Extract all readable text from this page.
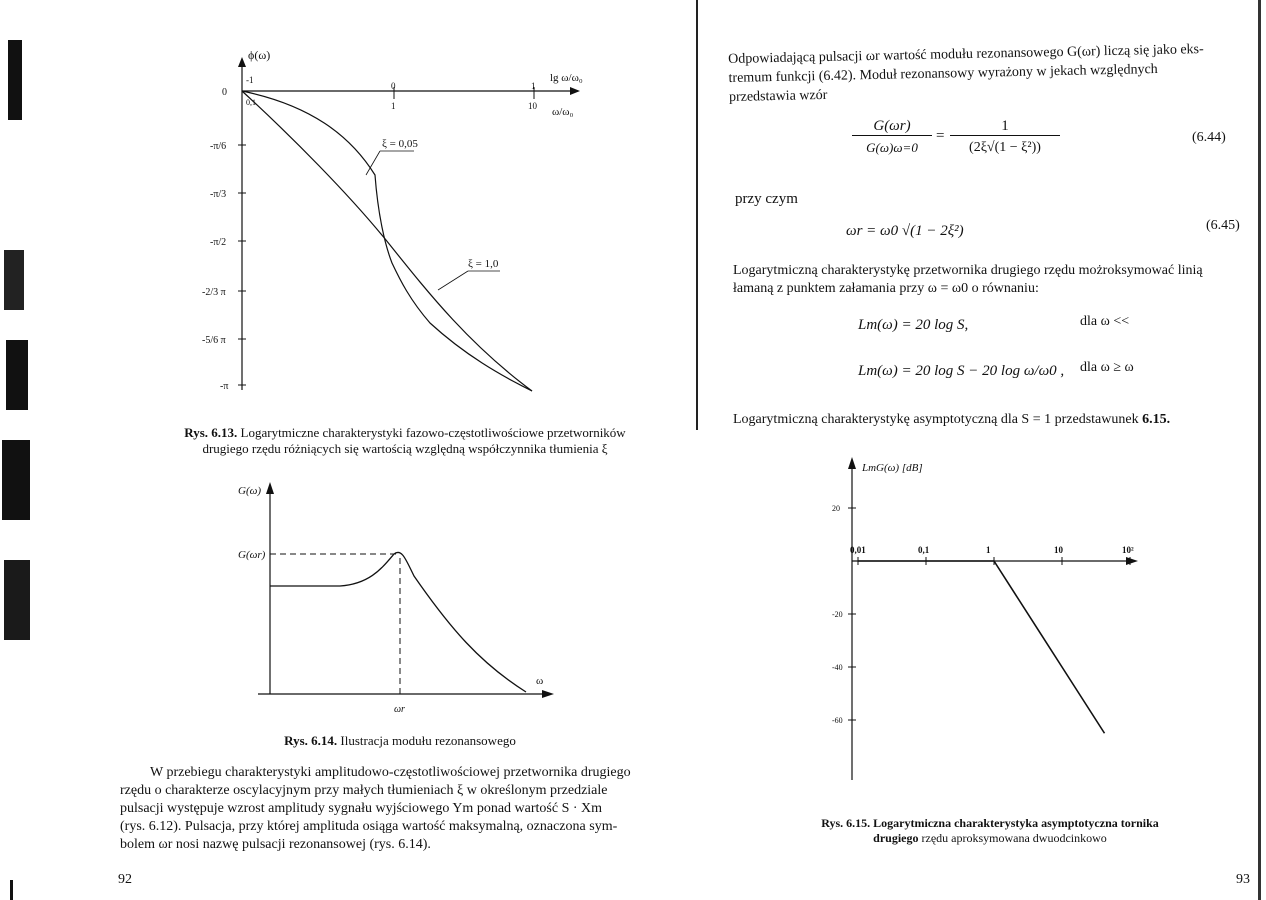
ϕ(ω)
lg ω/ω₀
ω/ω₀
-1
0	1
0,1	1	10
0
-π/6
-π/3
-π/2
-2/3 π
-5/6 π
-π
ξ = 0,05
ξ = 1,0
Rys. 6.13. Logarytmiczne charakterystyki fazowo-częstotliwościowe przetworników
drugiego rzędu różniących się wartością względną współczynnika tłumienia ξ
G(ω)
G(ωr)
ω
ωr
Rys. 6.14. Ilustracja modułu rezonansowego
W przebiegu charakterystyki amplitudowo-częstotliwościowej przetwornika drugiego
rzędu o charakterze oscylacyjnym przy małych tłumieniach ξ w określonym przedziale
pulsacji występuje wzrost amplitudy sygnału wyjściowego Ym ponad wartość S · Xm
(rys. 6.12). Pulsacja, przy której amplituda osiąga wartość maksymalną, oznaczona sym-
bolem ωr nosi nazwę pulsacji rezonansowej (rys. 6.14).
92
Odpowiadającą pulsacji ωr wartość modułu rezonansowego G(ωr) liczą się jako eks-
tremum funkcji (6.42). Moduł rezonansowy wyrażony w jekach względnych
przedstawia wzór
G(ωr)
G(ω)ω=0
=
1
(2ξ√(1 − ξ²))
(6.44)
przy czym
ωr = ω0 √(1 − 2ξ²)	(6.45)
Logarytmiczną charakterystykę przetwornika drugiego rzędu możroksymować linią
łamaną z punktem załamania przy ω = ω0 o równaniu:
Lm(ω) = 20 log S,	dla ω <<
Lm(ω) = 20 log S − 20 log ω/ω0 , dla ω ≥ ω
Logarytmiczną charakterystykę asymptotyczną dla S = 1 przedstawunek 6.15.
LmG(ω) [dB]
0,01	0,1	1	10	10²
20
-20
-40
-60
Rys. 6.15. Logarytmiczna charakterystyka asymptotyczna tornika
drugiego rzędu aproksymowana dwuodcinkowo
93
